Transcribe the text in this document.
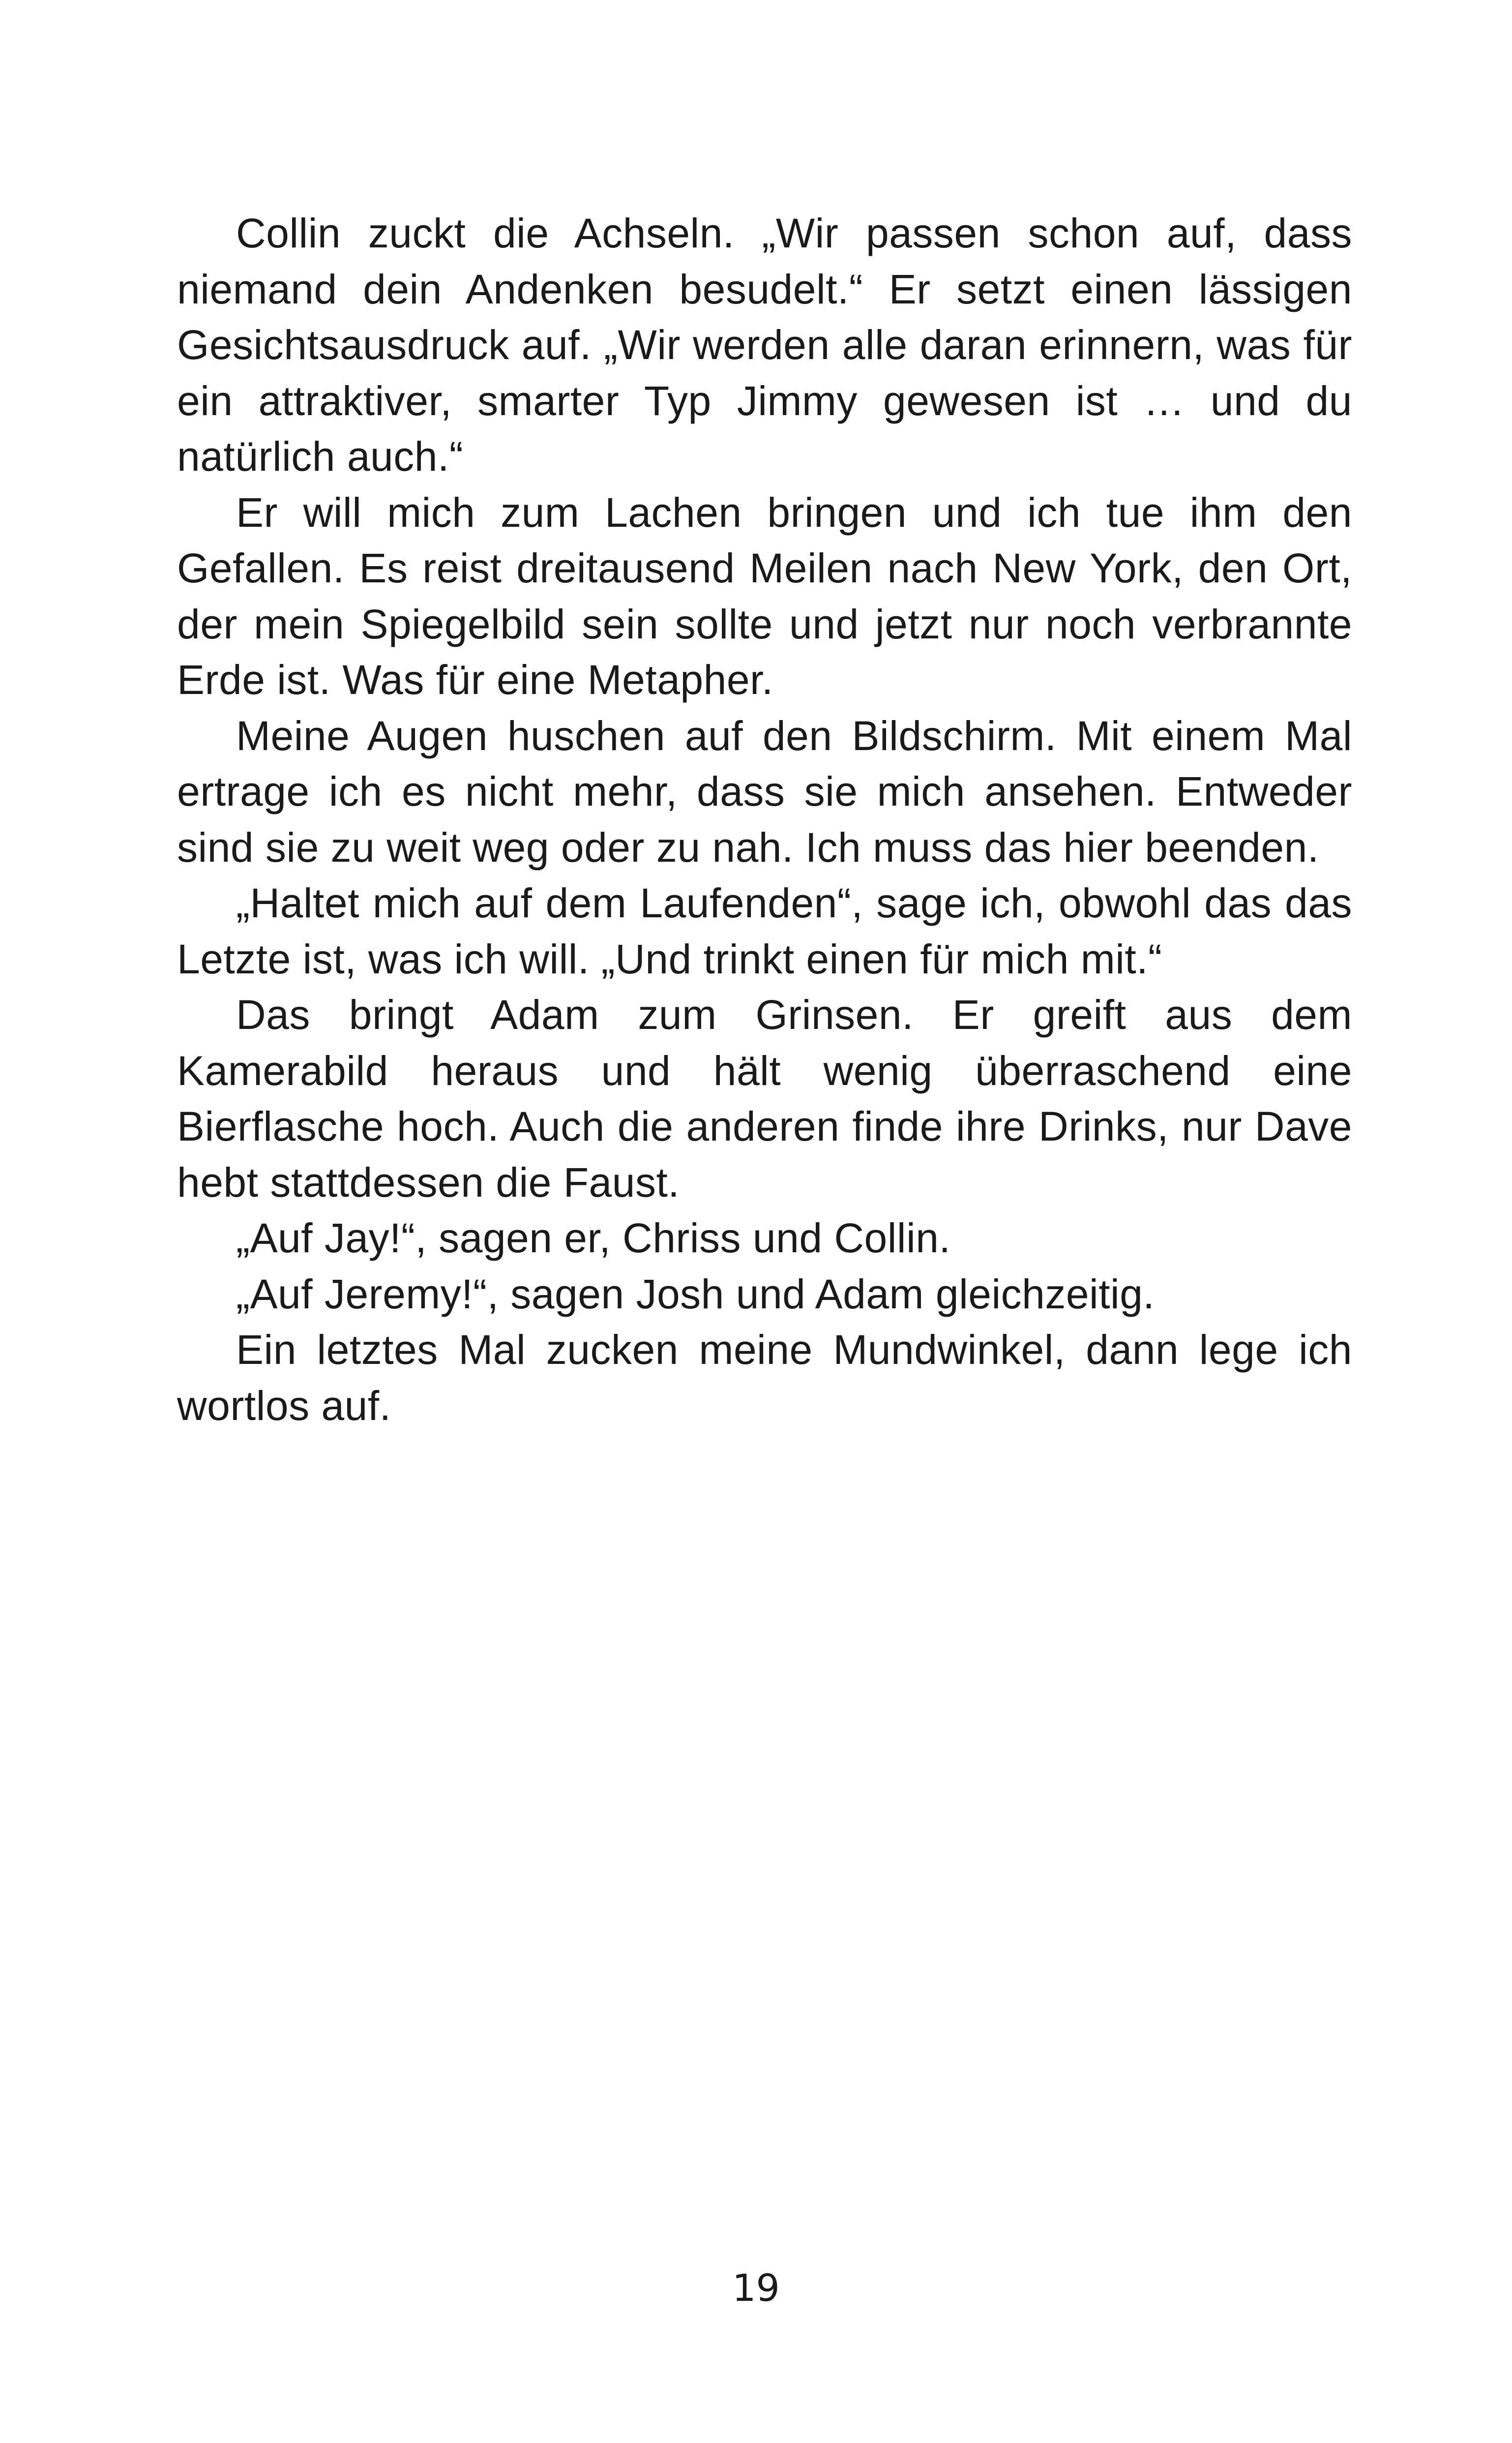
Collin zuckt die Achseln. „Wir passen schon auf, dass niemand dein Andenken besudelt.“ Er setzt einen lässigen Gesichtsausdruck auf. „Wir werden alle daran erinnern, was für ein attraktiver, smarter Typ Jimmy gewesen ist … und du natürlich auch.“

Er will mich zum Lachen bringen und ich tue ihm den Gefallen. Es reist dreitausend Meilen nach New York, den Ort, der mein Spiegelbild sein sollte und jetzt nur noch verbrannte Erde ist. Was für eine Metapher.

Meine Augen huschen auf den Bildschirm. Mit einem Mal ertrage ich es nicht mehr, dass sie mich ansehen. Entweder sind sie zu weit weg oder zu nah. Ich muss das hier beenden.

„Haltet mich auf dem Laufenden“, sage ich, obwohl das das Letzte ist, was ich will. „Und trinkt einen für mich mit.“

Das bringt Adam zum Grinsen. Er greift aus dem Kamerabild heraus und hält wenig überraschend eine Bierflasche hoch. Auch die anderen finde ihre Drinks, nur Dave hebt stattdessen die Faust.

„Auf Jay!“, sagen er, Chriss und Collin.

„Auf Jeremy!“, sagen Josh und Adam gleichzeitig.

Ein letztes Mal zucken meine Mundwinkel, dann lege ich wortlos auf.

19
